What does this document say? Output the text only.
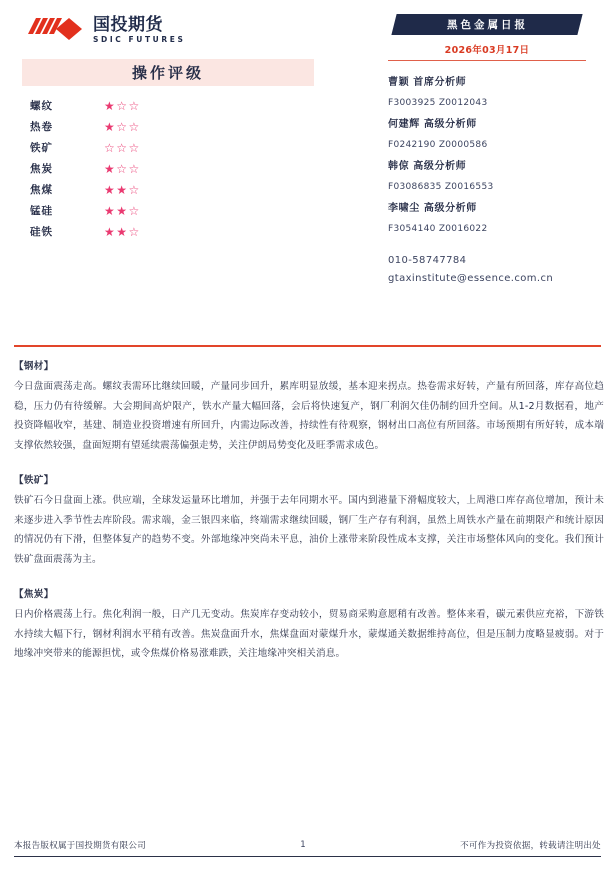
国投期货
SDIC FUTURES
操作评级
螺纹	★☆☆
热卷	★☆☆
铁矿	☆☆☆
焦炭	★☆☆
焦煤	★★☆
锰硅	★★☆
硅铁	★★☆
黑色金属日报
2026年03月17日
曹颖 首席分析师
F3003925 Z0012043
何建辉 高级分析师
F0242190 Z0000586
韩倞 高级分析师
F03086835 Z0016553
李啸尘 高级分析师
F3054140 Z0016022
010-58747784
gtaxinstitute@essence.com.cn
【钢材】
今日盘面震荡走高。螺纹表需环比继续回暖，产量同步回升，累库明显放缓，基本迎来拐点。热卷需求好转，产量有所回落，库存高位趋稳，压力仍有待缓解。大会期间高炉限产，铁水产量大幅回落，会后将快速复产，钢厂利润欠佳仍制约回升空间。从1-2月数据看，地产投资降幅收窄，基建、制造业投资增速有所回升，内需边际改善，持续性有待观察，钢材出口高位有所回落。市场预期有所好转，成本端支撑依然较强，盘面短期有望延续震荡偏强走势，关注伊朗局势变化及旺季需求成色。
【铁矿】
铁矿石今日盘面上涨。供应端，全球发运量环比增加，并强于去年同期水平。国内到港量下滑幅度较大，上周港口库存高位增加，预计未来逐步进入季节性去库阶段。需求端，金三银四来临，终端需求继续回暖，钢厂生产存有利润，虽然上周铁水产量在前期限产和统计原因的情况仍有下滑，但整体复产的趋势不变。外部地缘冲突尚未平息，油价上涨带来阶段性成本支撑，关注市场整体风向的变化。我们预计铁矿盘面震荡为主。
【焦炭】
日内价格震荡上行。焦化利润一般，日产几无变动。焦炭库存变动较小，贸易商采购意愿稍有改善。整体来看，碳元素供应充裕，下游铁水持续大幅下行，钢材利润水平稍有改善。焦炭盘面升水，焦煤盘面对蒙煤升水，蒙煤通关数据维持高位，但是压制力度略显疲弱。对于地缘冲突带来的能源担忧，或令焦煤价格易涨难跌，关注地缘冲突相关消息。
本报告版权属于国投期货有限公司	1	不可作为投资依据，转载请注明出处
